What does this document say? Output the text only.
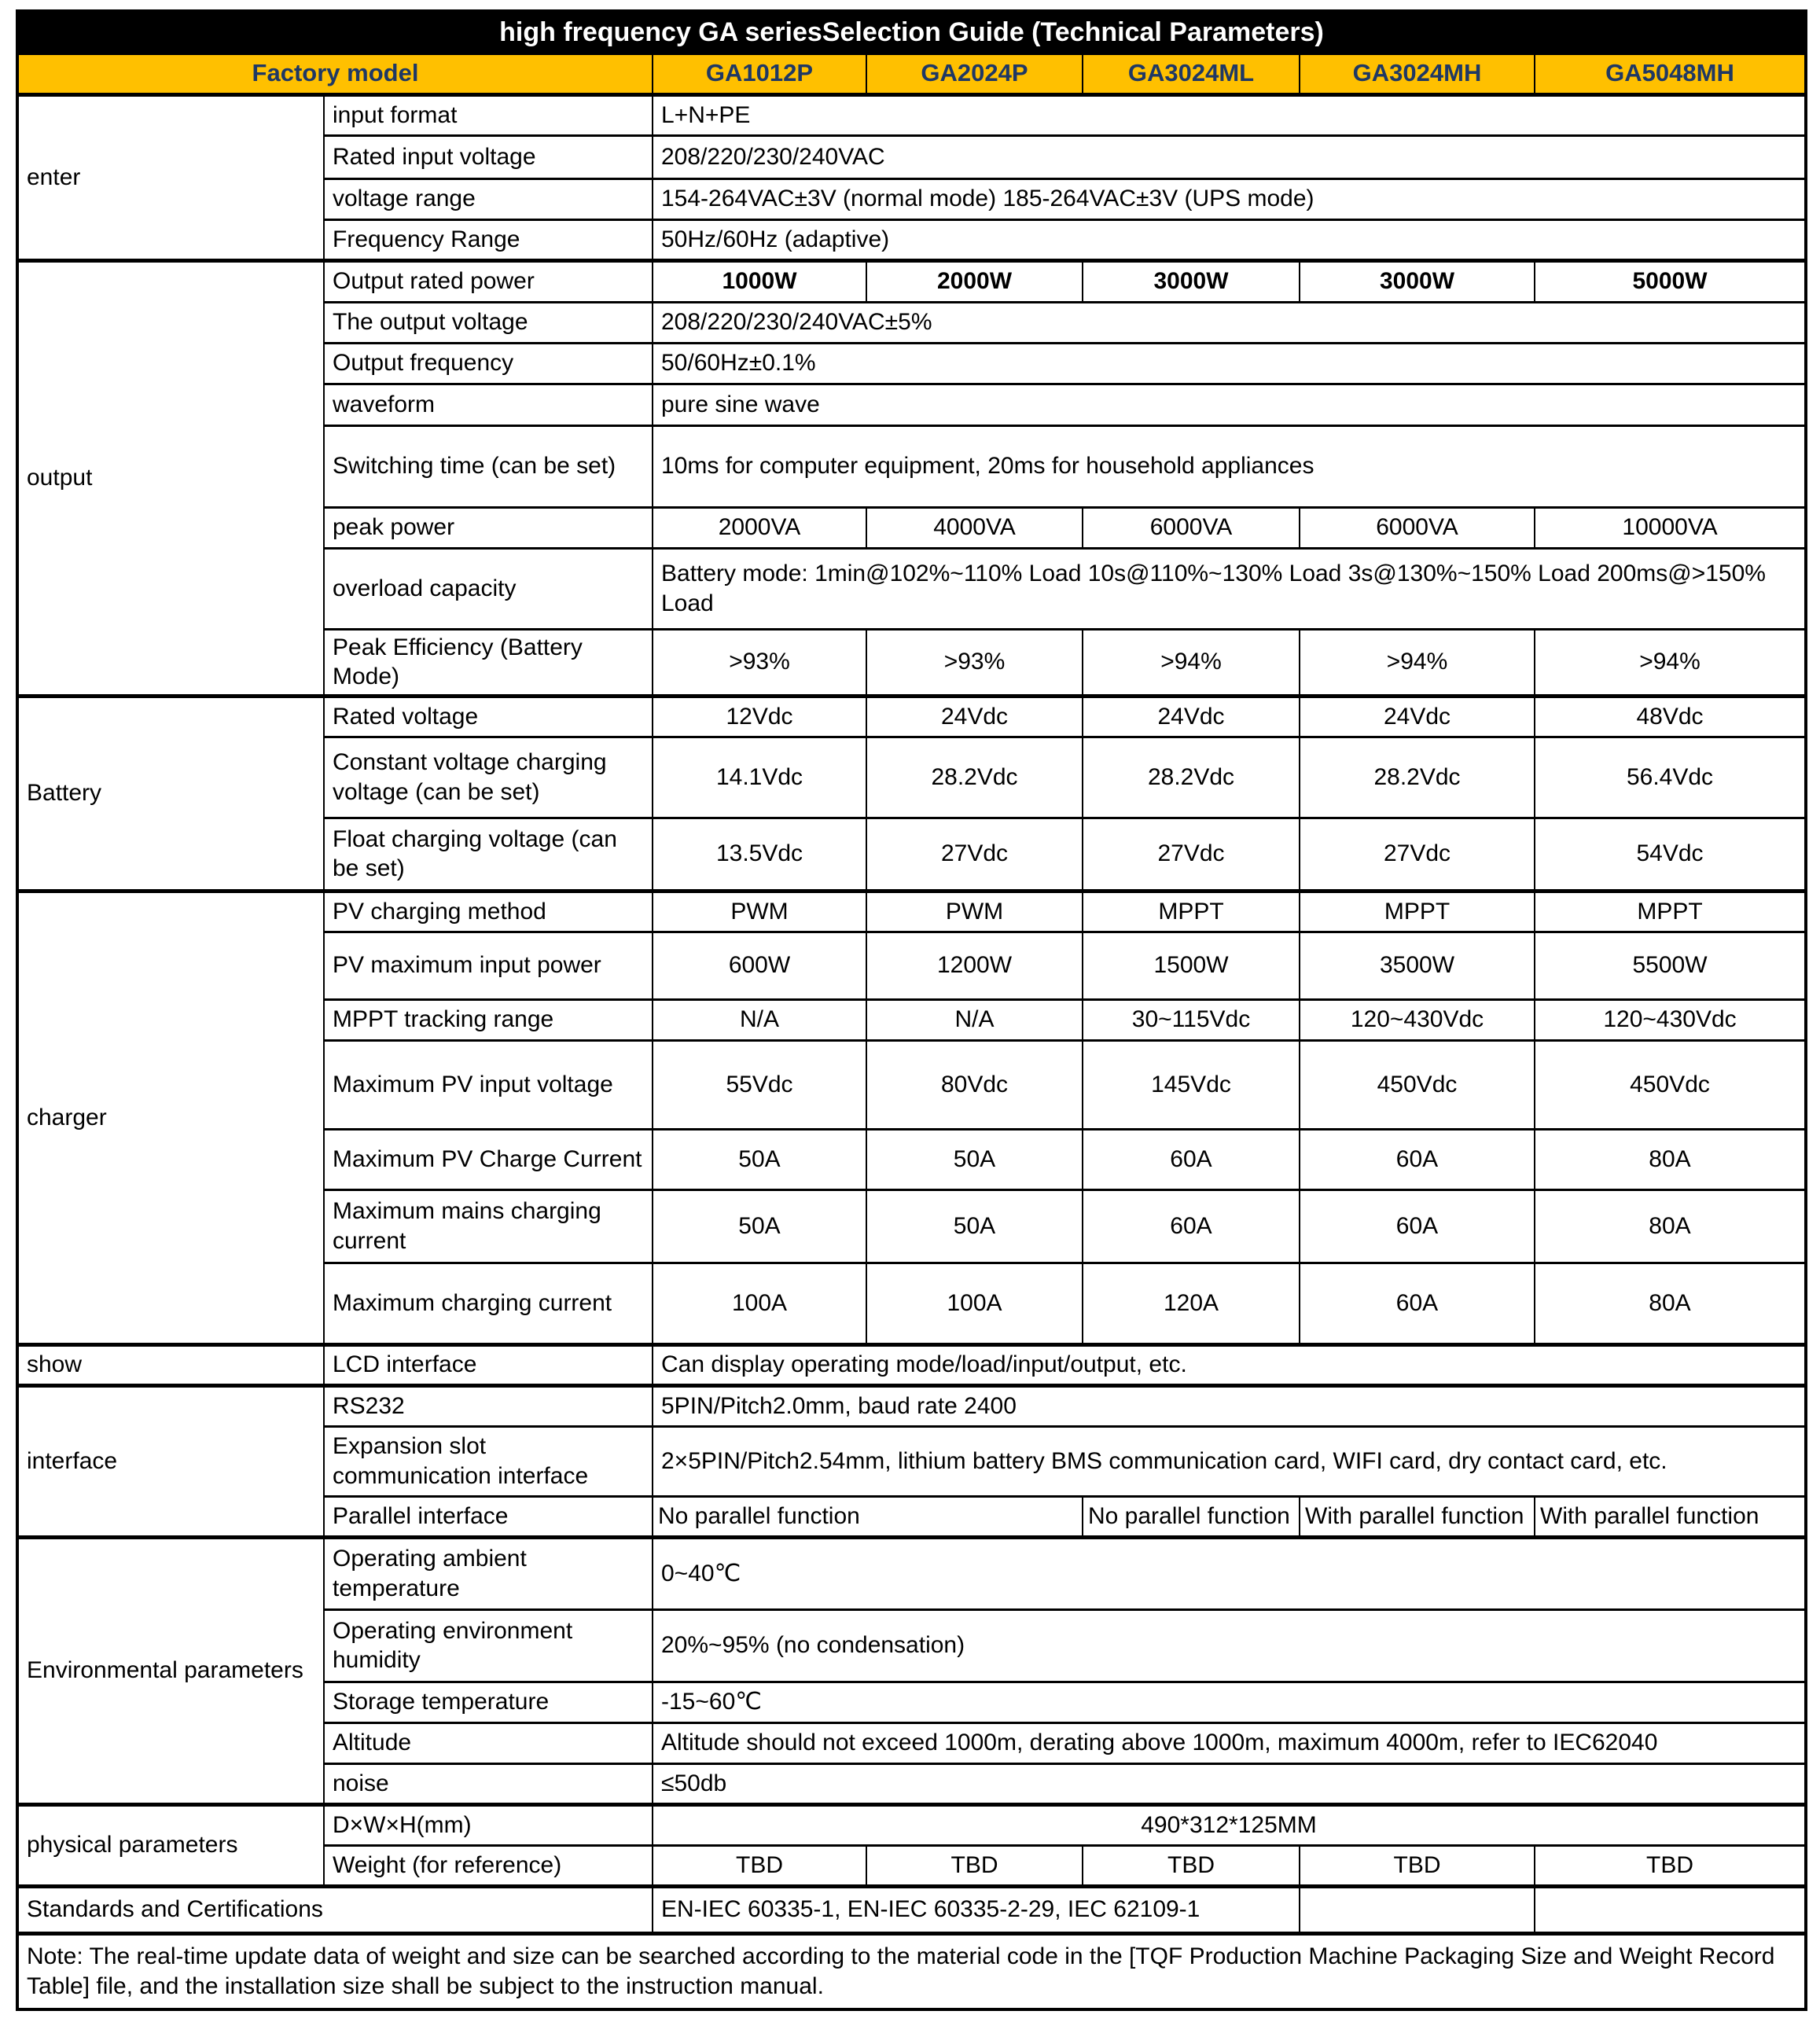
high frequency GA seriesSelection Guide (Technical Parameters)						
Factory model		GA1012P	GA2024P	GA3024ML	GA3024MH	GA5048MH
enter	input format	L+N+PE				
	Rated input voltage	208/220/230/240VAC				
	voltage range	154-264VAC±3V (normal mode) 185-264VAC±3V (UPS mode)				
	Frequency Range	50Hz/60Hz (adaptive)				
output	Output rated power	1000W	2000W	3000W	3000W	5000W
	The output voltage	208/220/230/240VAC±5%				
	Output frequency	50/60Hz±0.1%				
	waveform	pure sine wave				
	Switching time (can be set)	10ms for computer equipment, 20ms for household appliances				
	peak power	2000VA	4000VA	6000VA	6000VA	10000VA
	overload capacity	Battery mode: 1min@102%~110% Load 10s@110%~130% Load 3s@130%~150% Load 200ms@>150% Load				
	Peak Efficiency (Battery Mode)	>93%	>93%	>94%	>94%	>94%
Battery	Rated voltage	12Vdc	24Vdc	24Vdc	24Vdc	48Vdc
	Constant voltage charging voltage (can be set)	14.1Vdc	28.2Vdc	28.2Vdc	28.2Vdc	56.4Vdc
	Float charging voltage (can be set)	13.5Vdc	27Vdc	27Vdc	27Vdc	54Vdc
charger	PV charging method	PWM	PWM	MPPT	MPPT	MPPT
	PV maximum input power	600W	1200W	1500W	3500W	5500W
	MPPT tracking range	N/A	N/A	30~115Vdc	120~430Vdc	120~430Vdc
	Maximum PV input voltage	55Vdc	80Vdc	145Vdc	450Vdc	450Vdc
	Maximum PV Charge Current	50A	50A	60A	60A	80A
	Maximum mains charging current	50A	50A	60A	60A	80A
	Maximum charging current	100A	100A	120A	60A	80A
show	LCD interface	Can display operating mode/load/input/output, etc.				
interface	RS232	5PIN/Pitch2.0mm, baud rate 2400				
	Expansion slot communication interface	2×5PIN/Pitch2.54mm, lithium battery BMS communication card, WIFI card, dry contact card, etc.				
	Parallel interface	No parallel function		No parallel function	With parallel function	With parallel function
Environmental parameters	Operating ambient temperature	0~40℃				
	Operating environment humidity	20%~95% (no condensation)				
	Storage temperature	-15~60℃				
	Altitude	Altitude should not exceed 1000m, derating above 1000m, maximum 4000m, refer to IEC62040				
	noise	≤50db				
physical parameters	D×W×H(mm)	490*312*125MM				
	Weight (for reference)	TBD	TBD	TBD	TBD	TBD
Standards and Certifications		EN-IEC 60335-1, EN-IEC 60335-2-29, IEC 62109-1				
Note: The real-time update data of weight and size can be searched according to the material code in the [TQF Production Machine Packaging Size and Weight Record Table] file, and the installation size shall be subject to the instruction manual.						
